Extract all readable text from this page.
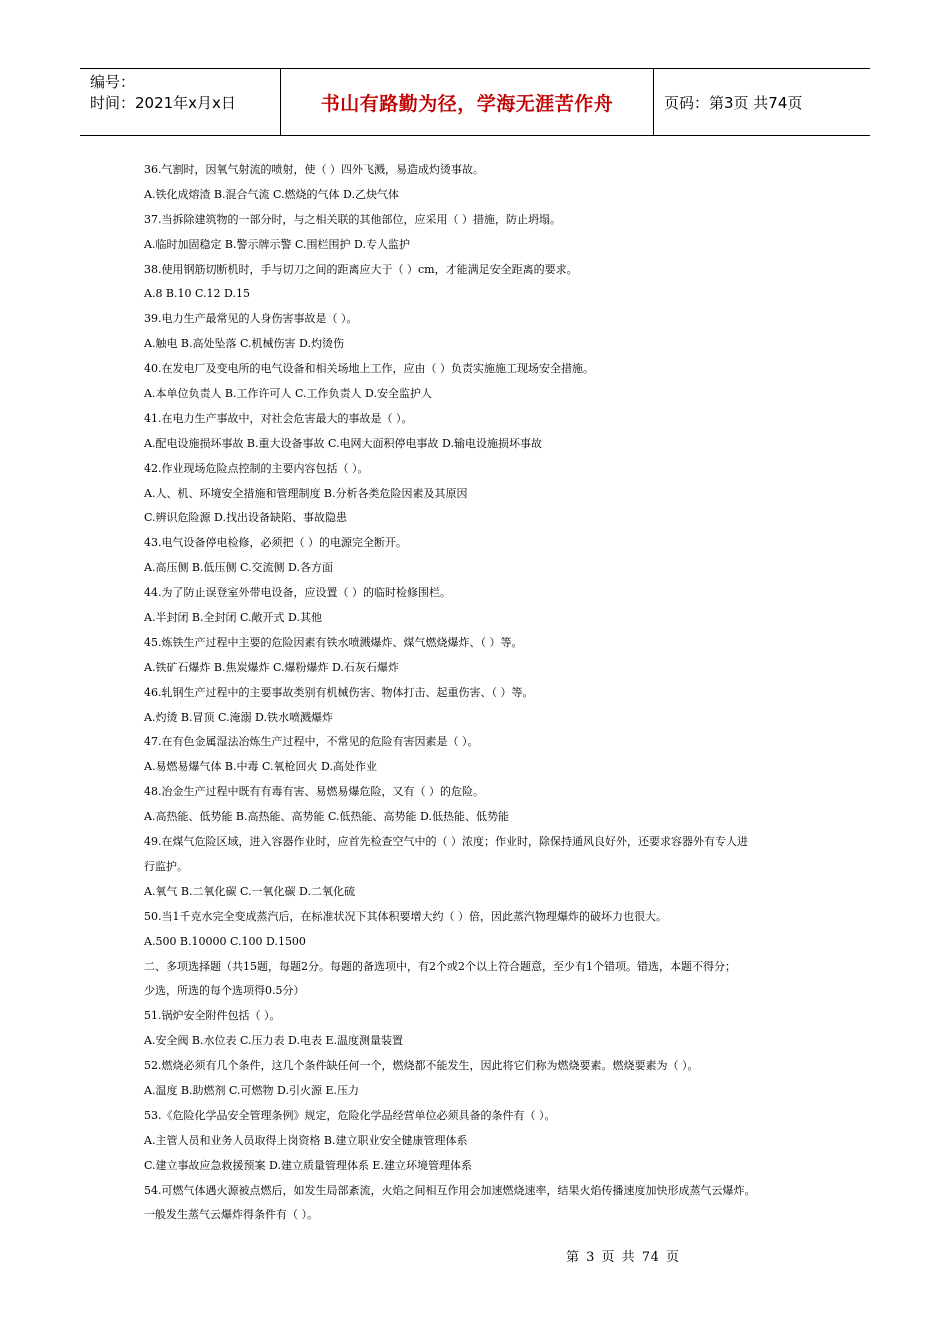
编号：
时间：2021年x月x日	书山有路勤为径，学海无涯苦作舟	页码：第3页 共74页
36.气割时，因氧气射流的喷射，使（ ）四外飞溅，易造成灼烫事故。
A.铁化成熔渣 B.混合气流 C.燃烧的气体 D.乙炔气体
37.当拆除建筑物的一部分时，与之相关联的其他部位，应采用（ ）措施，防止坍塌。
A.临时加固稳定 B.警示牌示警 C.围栏围护 D.专人监护
38.使用钢筋切断机时，手与切刀之间的距离应大于（ ）cm，才能满足安全距离的要求。
A.8 B.10 C.12 D.15
39.电力生产最常见的人身伤害事故是（ ）。
A.触电 B.高处坠落 C.机械伤害 D.灼烫伤
40.在发电厂及变电所的电气设备和相关场地上工作，应由（ ）负责实施施工现场安全措施。
A.本单位负责人 B.工作许可人 C.工作负责人 D.安全监护人
41.在电力生产事故中，对社会危害最大的事故是（ ）。
A.配电设施损坏事故 B.重大设备事故 C.电网大面积停电事故 D.输电设施损坏事故
42.作业现场危险点控制的主要内容包括（ ）。
A.人、机、环境安全措施和管理制度 B.分析各类危险因素及其原因
C.辨识危险源 D.找出设备缺陷、事故隐患
43.电气设备停电检修，必须把（ ）的电源完全断开。
A.高压侧 B.低压侧 C.交流侧 D.各方面
44.为了防止误登室外带电设备，应设置（ ）的临时检修围栏。
A.半封闭 B.全封闭 C.敞开式 D.其他
45.炼铁生产过程中主要的危险因素有铁水喷溅爆炸、煤气燃烧爆炸、（ ）等。
A.铁矿石爆炸 B.焦炭爆炸 C.爆粉爆炸 D.石灰石爆炸
46.轧钢生产过程中的主要事故类别有机械伤害、物体打击、起重伤害、（ ）等。
A.灼烫 B.冒顶 C.淹溺 D.铁水喷溅爆炸
47.在有色金属湿法冶炼生产过程中，不常见的危险有害因素是（ ）。
A.易燃易爆气体 B.中毒 C.氧枪回火 D.高处作业
48.冶金生产过程中既有有毒有害、易燃易爆危险，又有（ ）的危险。
A.高热能、低势能 B.高热能、高势能 C.低热能、高势能 D.低热能、低势能
49.在煤气危险区域，进入容器作业时，应首先检查空气中的（ ）浓度；作业时，除保持通风良好外，还要求容器外有专人进
行监护。
A.氧气 B.二氧化碳 C.一氧化碳 D.二氧化硫
50.当1千克水完全变成蒸汽后，在标准状况下其体积要增大约（ ）倍，因此蒸汽物理爆炸的破坏力也很大。
A.500 B.10000 C.100 D.1500
二、多项选择题（共15题，每题2分。每题的备选项中，有2个或2个以上符合题意，至少有1个错项。错选，本题不得分；
少选，所选的每个选项得0.5分）
51.锅炉安全附件包括（ ）。
A.安全阀 B.水位表 C.压力表 D.电表 E.温度测量装置
52.燃烧必须有几个条件，这几个条件缺任何一个，燃烧都不能发生，因此将它们称为燃烧要素。燃烧要素为（ ）。
A.温度 B.助燃剂 C.可燃物 D.引火源 E.压力
53.《危险化学品安全管理条例》规定，危险化学品经营单位必须具备的条件有（ ）。
A.主管人员和业务人员取得上岗资格 B.建立职业安全健康管理体系
C.建立事故应急救援预案 D.建立质量管理体系 E.建立环境管理体系
54.可燃气体遇火源被点燃后，如发生局部紊流，火焰之间相互作用会加速燃烧速率，结果火焰传播速度加快形成蒸气云爆炸。
一般发生蒸气云爆炸得条件有（ ）。
第 3 页 共 74 页
